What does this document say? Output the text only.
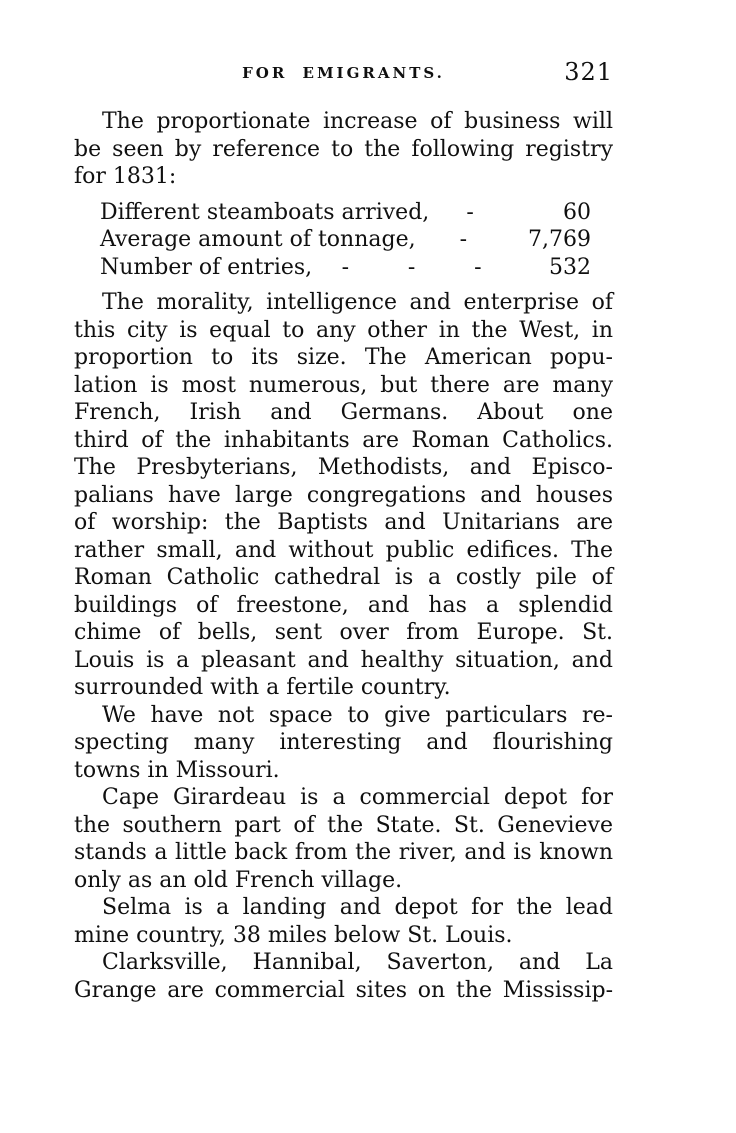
FOR EMIGRANTS.	321
The proportionate increase of business will
be seen by reference to the following registry
for 1831:
Different steamboats arrived, -	60
Average amount of tonnage, -	7,769
Number of entries, -	-	-	532
The morality, intelligence and enterprise of
this city is equal to any other in the West, in
proportion to its size. The American popu-
lation is most numerous, but there are many
French, Irish and Germans. About one
third of the inhabitants are Roman Catholics.
The Presbyterians, Methodists, and Episco-
palians have large congregations and houses
of worship: the Baptists and Unitarians are
rather small, and without public edifices. The
Roman Catholic cathedral is a costly pile of
buildings of freestone, and has a splendid
chime of bells, sent over from Europe. St.
Louis is a pleasant and healthy situation, and
surrounded with a fertile country.
We have not space to give particulars re-
specting many interesting and flourishing
towns in Missouri.
Cape Girardeau is a commercial depot for
the southern part of the State. St. Genevieve
stands a little back from the river, and is known
only as an old French village.
Selma is a landing and depot for the lead
mine country, 38 miles below St. Louis.
Clarksville, Hannibal, Saverton, and La
Grange are commercial sites on the Mississip-
